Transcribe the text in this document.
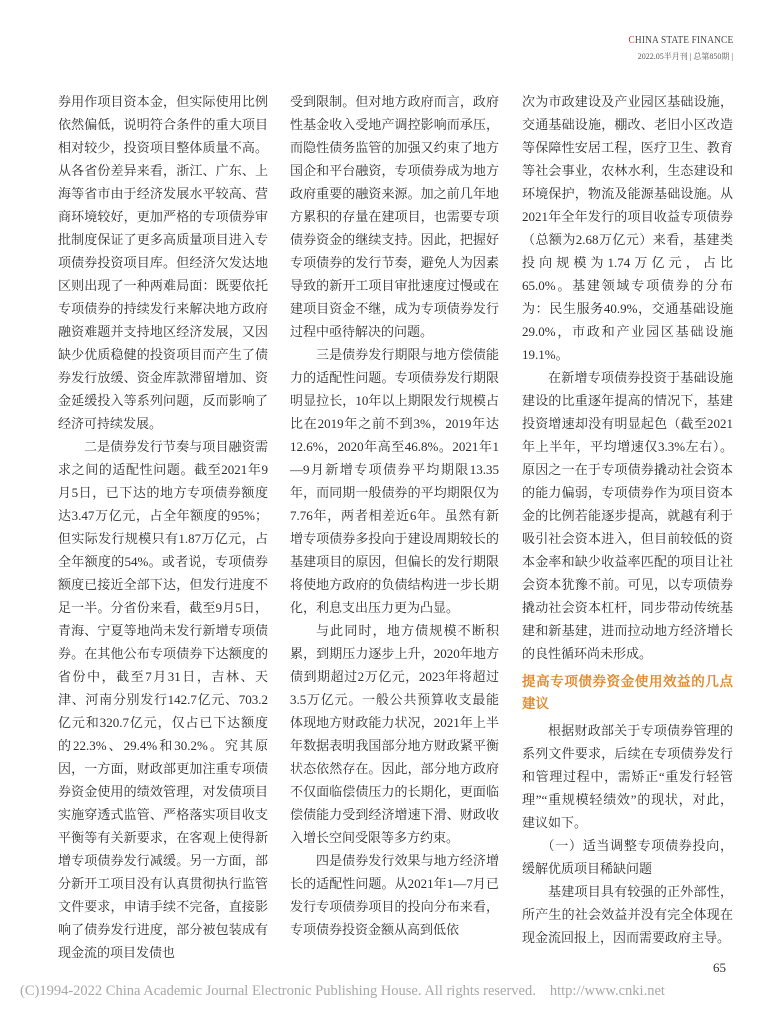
CHINA STATE FINANCE
2022.05半月刊 | 总第850期 |

券用作项目资本金，但实际使用比例依然偏低，说明符合条件的重大项目相对较少，投资项目整体质量不高。从各省份差异来看，浙江、广东、上海等省市由于经济发展水平较高、营商环境较好，更加严格的专项债券审批制度保证了更多高质量项目进入专项债券投资项目库。但经济欠发达地区则出现了一种两难局面：既要依托专项债券的持续发行来解决地方政府融资难题并支持地区经济发展，又因缺少优质稳健的投资项目而产生了债券发行放缓、资金库款滞留增加、资金延缓投入等系列问题，反而影响了经济可持续发展。

二是债券发行节奏与项目融资需求之间的适配性问题。截至2021年9月5日，已下达的地方专项债券额度达3.47万亿元，占全年额度的95%；但实际发行规模只有1.87万亿元，占全年额度的54%。或者说，专项债券额度已接近全部下达，但发行进度不足一半。分省份来看，截至9月5日，青海、宁夏等地尚未发行新增专项债券。在其他公布专项债券下达额度的省份中，截至7月31日，吉林、天津、河南分别发行142.7亿元、703.2亿元和320.7亿元，仅占已下达额度的22.3%、29.4%和30.2%。究其原因，一方面，财政部更加注重专项债券资金使用的绩效管理，对发债项目实施穿透式监管、严格落实项目收支平衡等有关新要求，在客观上使得新增专项债券发行减缓。另一方面，部分新开工项目没有认真贯彻执行监管文件要求，申请手续不完备，直接影响了债券发行进度，部分被包装成有现金流的项目发债也

受到限制。但对地方政府而言，政府性基金收入受地产调控影响而承压，而隐性债务监管的加强又约束了地方国企和平台融资，专项债券成为地方政府重要的融资来源。加之前几年地方累积的存量在建项目，也需要专项债券资金的继续支持。因此，把握好专项债券的发行节奏，避免人为因素导致的新开工项目审批速度过慢或在建项目资金不继，成为专项债券发行过程中亟待解决的问题。

三是债券发行期限与地方偿债能力的适配性问题。专项债券发行期限明显拉长，10年以上期限发行规模占比在2019年之前不到3%，2019年达12.6%，2020年高至46.8%。2021年1—9月新增专项债券平均期限13.35年，而同期一般债券的平均期限仅为7.76年，两者相差近6年。虽然有新增专项债券多投向于建设周期较长的基建项目的原因，但偏长的发行期限将使地方政府的负债结构进一步长期化，利息支出压力更为凸显。

与此同时，地方债规模不断积累，到期压力逐步上升，2020年地方债到期超过2万亿元，2023年将超过3.5万亿元。一般公共预算收支最能体现地方财政能力状况，2021年上半年数据表明我国部分地方财政紧平衡状态依然存在。因此，部分地方政府不仅面临偿债压力的长期化，更面临偿债能力受到经济增速下滑、财政收入增长空间受限等多方约束。

四是债券发行效果与地方经济增长的适配性问题。从2021年1—7月已发行专项债券项目的投向分布来看，专项债券投资金额从高到低依

次为市政建设及产业园区基础设施，交通基础设施，棚改、老旧小区改造等保障性安居工程，医疗卫生、教育等社会事业，农林水利，生态建设和环境保护，物流及能源基础设施。从2021年全年发行的项目收益专项债券（总额为2.68万亿元）来看，基建类投向规模为1.74万亿元，占比65.0%。基建领域专项债券的分布为：民生服务40.9%，交通基础设施29.0%，市政和产业园区基础设施19.1%。

在新增专项债券投资于基础设施建设的比重逐年提高的情况下，基建投资增速却没有明显起色（截至2021年上半年，平均增速仅3.3%左右）。原因之一在于专项债券撬动社会资本的能力偏弱，专项债券作为项目资本金的比例若能逐步提高，就越有利于吸引社会资本进入，但目前较低的资本金率和缺少收益率匹配的项目让社会资本犹豫不前。可见，以专项债券撬动社会资本杠杆，同步带动传统基建和新基建，进而拉动地方经济增长的良性循环尚未形成。

提高专项债券资金使用效益的几点建议

根据财政部关于专项债券管理的系列文件要求，后续在专项债券发行和管理过程中，需矫正“重发行轻管理”“重规模轻绩效”的现状，对此，建议如下。

（一）适当调整专项债券投向，缓解优质项目稀缺问题

基建项目具有较强的正外部性，所产生的社会效益并没有完全体现在现金流回报上，因而需要政府主导。

65
(C)1994-2022 China Academic Journal Electronic Publishing House. All rights reserved. http://www.cnki.net
